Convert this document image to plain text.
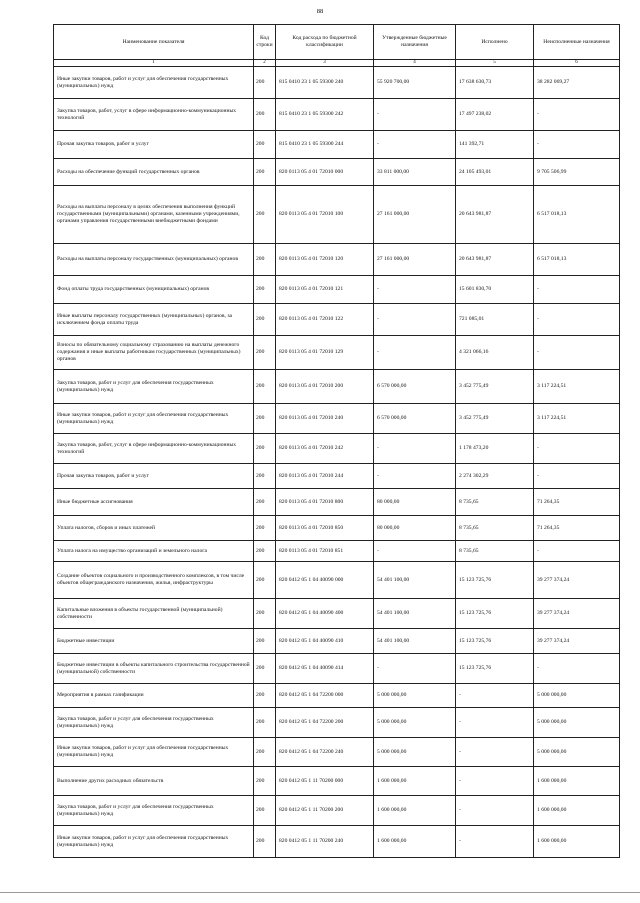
88
Наименование показателя	Код строки	Код расхода по бюджетной классификации	Утвержденные бюджетные назначения	Исполнено	Неисполненные назначения
1	2	3	4	5	6
Иные закупки товаров, работ и услуг для обеспечения государственных (муниципальных) нужд	200	815 0410 23 1 05 59300 240	55 920 700,00	17 638 630,73	38 282 069,27
Закупка товаров, работ, услуг в сфере информационно-коммуникационных технологий	200	815 0410 23 1 05 59300 242	-	17 497 238,02	-
Прочая закупка товаров, работ и услуг	200	815 0410 23 1 05 59300 244	-	141 392,71	-
Расходы на обеспечение функций государственных органов	200	820 0113 05 4 01 72010 000	33 811 000,00	24 105 493,01	9 705 506,99
Расходы на выплаты персоналу в целях обеспечения выполнения функций государственными (муниципальными) органами, казенными учреждениями, органами управления государственными внебюджетными фондами	200	820 0113 05 4 01 72010 100	27 161 000,00	20 643 981,87	6 517 018,13
Расходы на выплаты персоналу государственных (муниципальных) органов	200	820 0113 05 4 01 72010 120	27 161 000,00	20 643 981,87	6 517 018,13
Фонд оплаты труда государственных (муниципальных) органов	200	820 0113 05 4 01 72010 121	-	15 601 830,70	-
Иные выплаты персоналу государственных (муниципальных) органов, за исключением фонда оплаты труда	200	820 0113 05 4 01 72010 122	-	721 085,01	-
Взносы по обязательному социальному страхованию на выплаты денежного содержания и иные выплаты работникам государственных (муниципальных) органов	200	820 0113 05 4 01 72010 129	-	4 321 066,16	-
Закупка товаров, работ и услуг для обеспечения государственных (муниципальных) нужд	200	820 0113 05 4 01 72010 200	6 570 000,00	3 452 775,49	3 117 224,51
Иные закупки товаров, работ и услуг для обеспечения государственных (муниципальных) нужд	200	820 0113 05 4 01 72010 240	6 570 000,00	3 452 775,49	3 117 224,51
Закупка товаров, работ, услуг в сфере информационно-коммуникационных технологий	200	820 0113 05 4 01 72010 242	-	1 178 473,20	-
Прочая закупка товаров, работ и услуг	200	820 0113 05 4 01 72010 244	-	2 274 302,29	-
Иные бюджетные ассигнования	200	820 0113 05 4 01 72010 800	80 000,00	8 735,65	71 264,35
Уплата налогов, сборов и иных платежей	200	820 0113 05 4 01 72010 850	80 000,00	8 735,65	71 264,35
Уплата налога на имущество организаций и земельного налога	200	820 0113 05 4 01 72010 851	-	8 735,65	-
Создание объектов социального и производственного комплексов, в том числе объектов общегражданского назначения, жилья, инфраструктуры	200	820 0412 05 1 04 40090 000	54 401 100,00	15 123 725,76	39 277 374,24
Капитальные вложения в объекты государственной (муниципальной) собственности	200	820 0412 05 1 04 40090 400	54 401 100,00	15 123 725,76	39 277 374,24
Бюджетные инвестиции	200	820 0412 05 1 04 40090 410	54 401 100,00	15 123 725,76	39 277 374,24
Бюджетные инвестиции в объекты капитального строительства государственной (муниципальной) собственности	200	820 0412 05 1 04 40090 414	-	15 123 725,76	-
Мероприятия в рамках газификации	200	820 0412 05 1 04 72200 000	5 000 000,00	-	5 000 000,00
Закупка товаров, работ и услуг для обеспечения государственных (муниципальных) нужд	200	820 0412 05 1 04 72200 200	5 000 000,00	-	5 000 000,00
Иные закупки товаров, работ и услуг для обеспечения государственных (муниципальных) нужд	200	820 0412 05 1 04 72200 240	5 000 000,00	-	5 000 000,00
Выполнение других расходных обязательств	200	820 0412 05 1 11 70200 000	1 600 000,00	-	1 600 000,00
Закупка товаров, работ и услуг для обеспечения государственных (муниципальных) нужд	200	820 0412 05 1 11 70200 200	1 600 000,00	-	1 600 000,00
Иные закупки товаров, работ и услуг для обеспечения государственных (муниципальных) нужд	200	820 0412 05 1 11 70200 240	1 600 000,00	-	1 600 000,00
